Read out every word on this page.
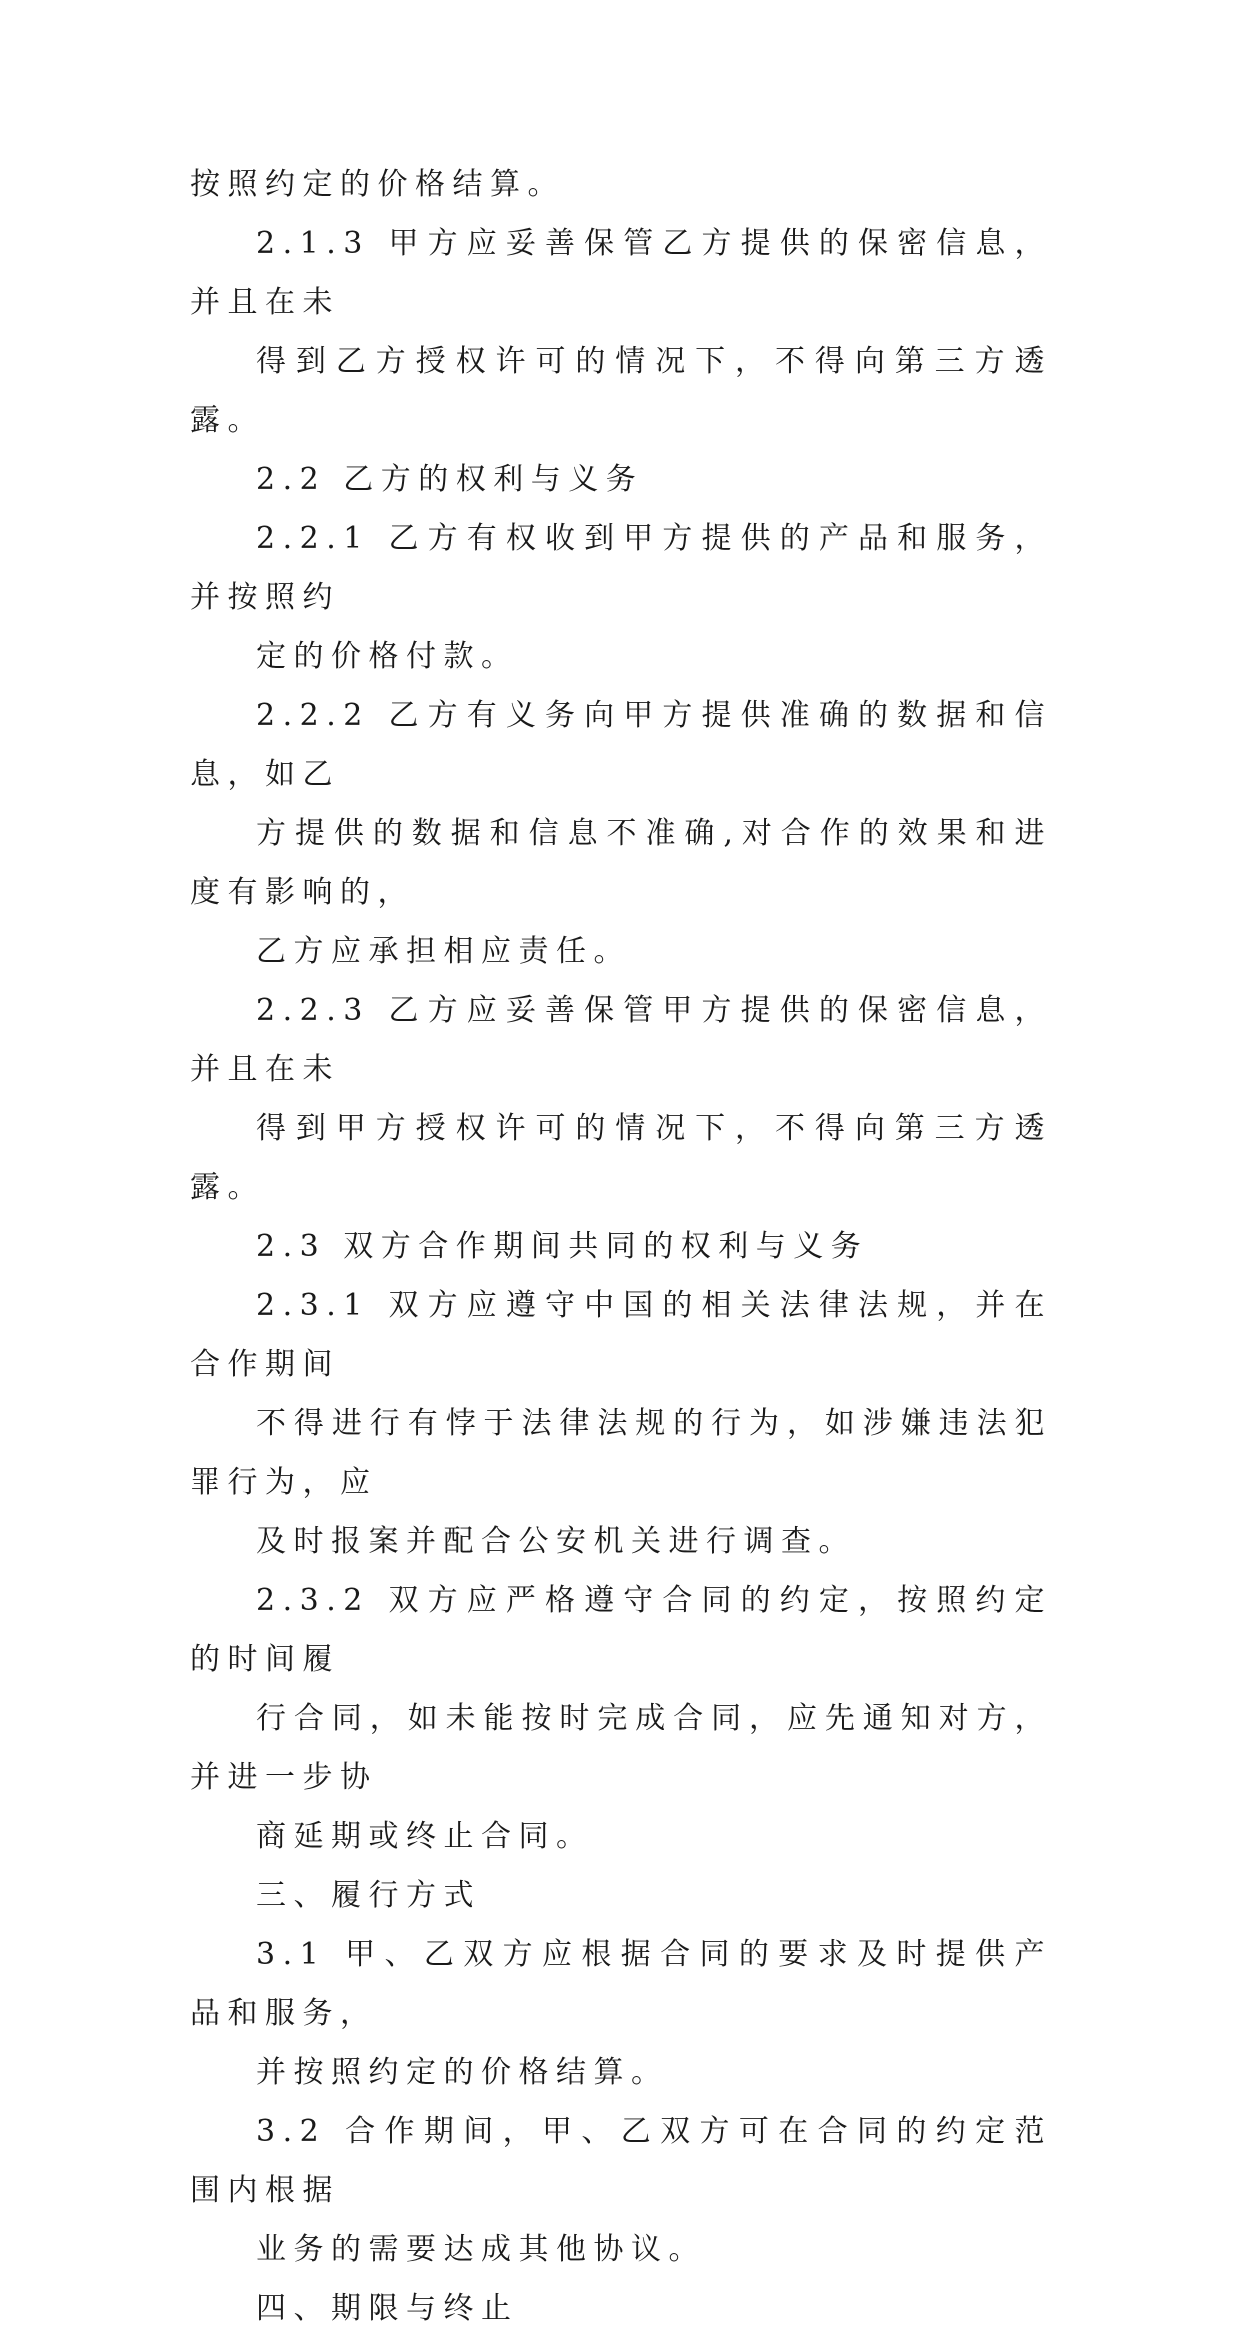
按照约定的价格结算。

2.1.3 甲方应妥善保管乙方提供的保密信息，并且在未
得到乙方授权许可的情况下，不得向第三方透露。

2.2 乙方的权利与义务

2.2.1 乙方有权收到甲方提供的产品和服务，并按照约
定的价格付款。

2.2.2 乙方有义务向甲方提供准确的数据和信息，如乙
方提供的数据和信息不准确,对合作的效果和进度有影响的，
乙方应承担相应责任。

2.2.3 乙方应妥善保管甲方提供的保密信息，并且在未
得到甲方授权许可的情况下，不得向第三方透露。

2.3 双方合作期间共同的权利与义务

2.3.1 双方应遵守中国的相关法律法规，并在合作期间
不得进行有悖于法律法规的行为，如涉嫌违法犯罪行为，应
及时报案并配合公安机关进行调查。

2.3.2 双方应严格遵守合同的约定，按照约定的时间履
行合同，如未能按时完成合同，应先通知对方，并进一步协
商延期或终止合同。

三、履行方式

3.1 甲、乙双方应根据合同的要求及时提供产品和服务，
并按照约定的价格结算。

3.2 合作期间，甲、乙双方可在合同的约定范围内根据
业务的需要达成其他协议。

四、期限与终止
